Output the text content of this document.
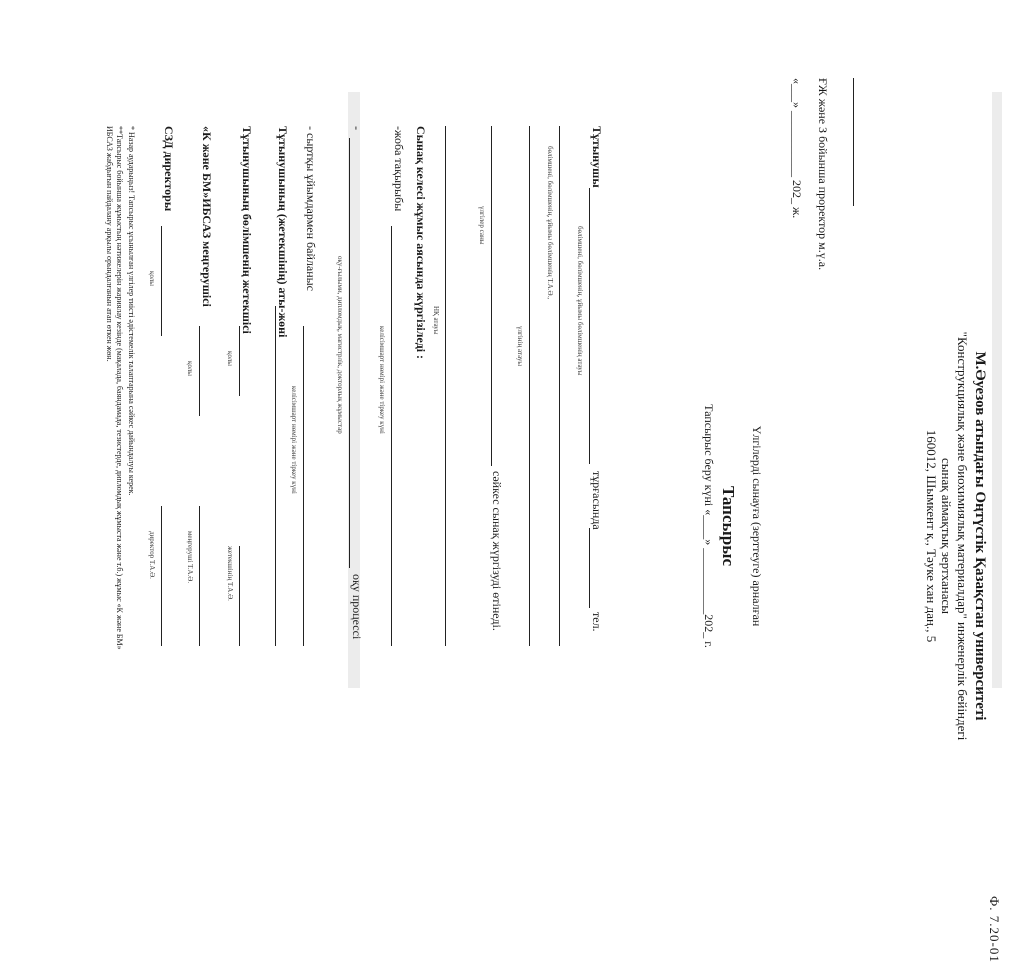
Ф. 7.20-01
М.Әуезов атындағы Оңтүстік Қазақстан университеті
"Конструкциялық және биохимиялық материалдар" инженерлік бейіндегі
сынақ аймақтық зертханасы
160012, Шымкент қ., Тәуке хан даң., 5
ҒЖ және З бойынша проректор м.ү.а.
«___» ___________ 202_ ж.
Үлгілерді сынауға (зерттеуге) арналған
Тапсырыс
Тапсырыс беру күні «____» ___________202_ г.
Тұтынушы
тұрғасында
тел.
бөлімшені, бөлімшенің, ұйымы бөлімшенің атауы
бөлімшені, бөлімшенің, ұйымы бөлімшенің Т.А.Ә.,
үлгінің атауы
сәйкес сынақ жүргізуді өтінеді.
үлгілер саны
НҚ атауы
Сынақ келесі жұмыс аясында жүргізіледі :
-жоба тақырыбы
келісімшарт нөмірі және тіркеу күні
-
оқу процессі
оқу-ғылыми, дипломдық, магистрлік, докторлық жұмыстар
- сыртқы ұйымдармен байланыс
келісімшарт нөмірі және тіркеу күні
Тұтынушының (жетекшінің) аты-жөні
Тұтынушының бөлімшенің жетекшісі
қолы
жетекшінің Т.А.Ә.
«К және БМ»ИБСАЗ меңгерушісі
қолы
меңгеруші Т.А.Ә.
СЗД директоры
қолы
директор Т.А.Ә.
* Назар аударыңыз! Тапсырыс ұсынылған үлгілер тиісті әдістемелік талаптарына сәйкес дайындалуы керек.
**Тапсырыс бойынша жұмыстың нәтижелерін жариялау кезінде (мақалада, баяндамада, тезистерде, дипломдық жұмыста және т.б.) жұмыс «К және БМ» ИБСАЗ жабдығын пайдалану арқылы орындалғанын атап өткен жөн.
